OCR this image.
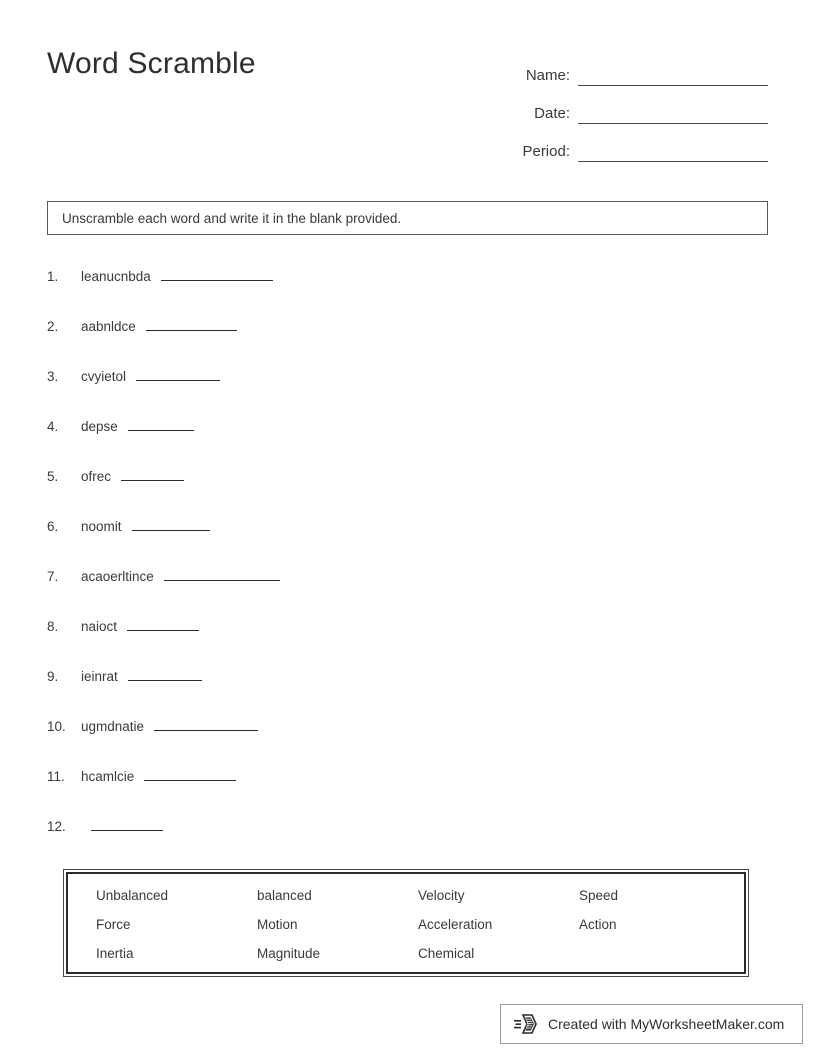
Word Scramble	Name:
Date:
Period:
Unscramble each word and write it in the blank provided.
1.	leanucnbda
2.	aabnldce
3.	cvyietol
4.	depse
5.	ofrec
6.	noomit
7.	acaoerltince
8.	naioct
9.	ieinrat
10.	ugmdnatie
11.	hcamlcie
12.
Unbalanced	balanced	Velocity	Speed
Force	Motion	Acceleration	Action
Inertia	Magnitude	Chemical
Created with MyWorksheetMaker.com
